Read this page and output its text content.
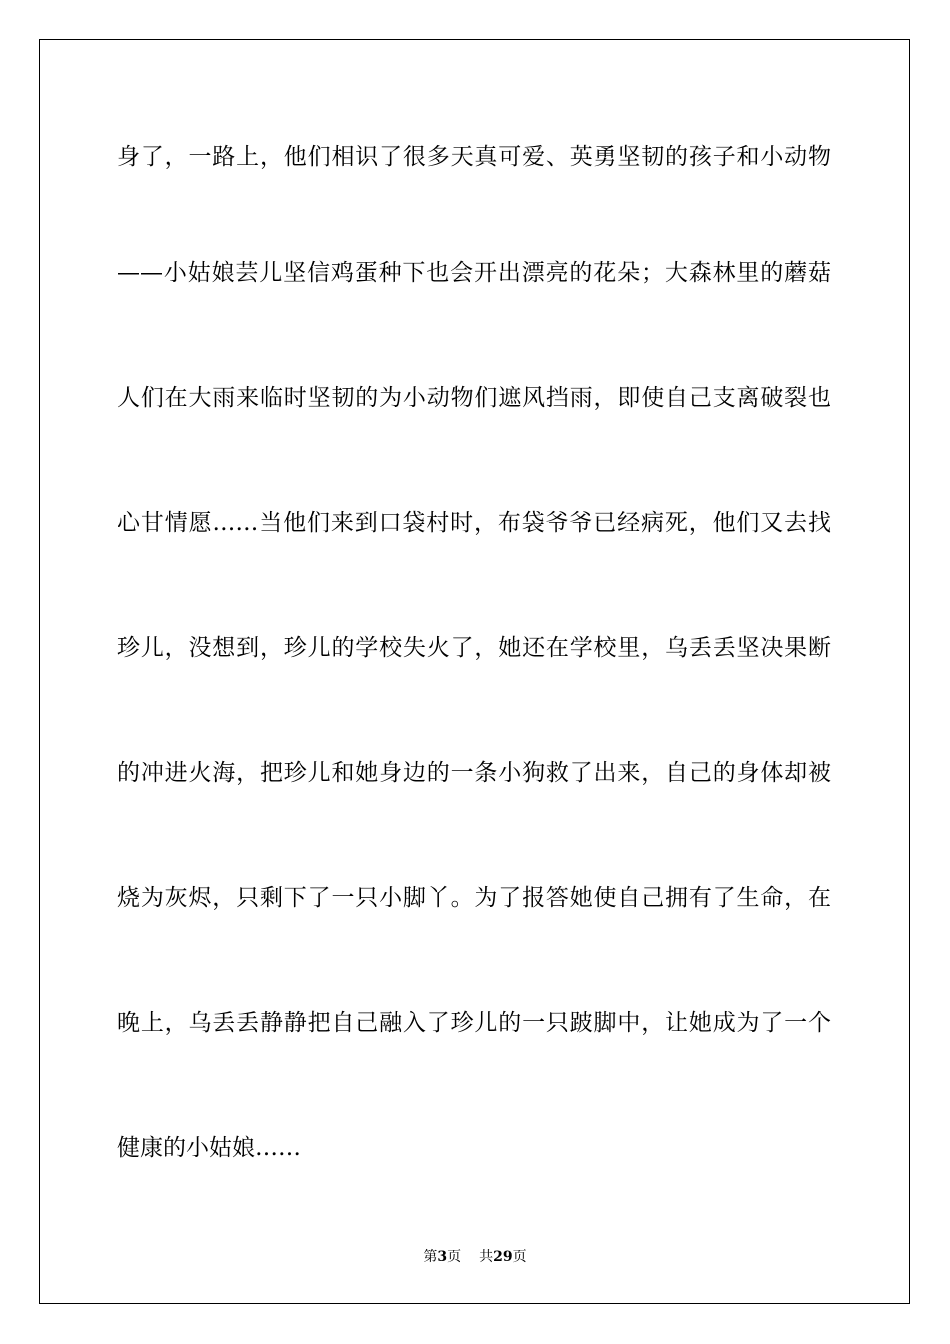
身了，一路上，他们相识了很多天真可爱、英勇坚韧的孩子和小动物
——小姑娘芸儿坚信鸡蛋种下也会开出漂亮的花朵；大森林里的蘑菇
人们在大雨来临时坚韧的为小动物们遮风挡雨，即使自己支离破裂也
心甘情愿……当他们来到口袋村时，布袋爷爷已经病死，他们又去找
珍儿，没想到，珍儿的学校失火了，她还在学校里，乌丢丢坚决果断
的冲进火海，把珍儿和她身边的一条小狗救了出来，自己的身体却被
烧为灰烬，只剩下了一只小脚丫。为了报答她使自己拥有了生命，在
晚上，乌丢丢静静把自己融入了珍儿的一只跛脚中，让她成为了一个
健康的小姑娘……
第3页 共29页
